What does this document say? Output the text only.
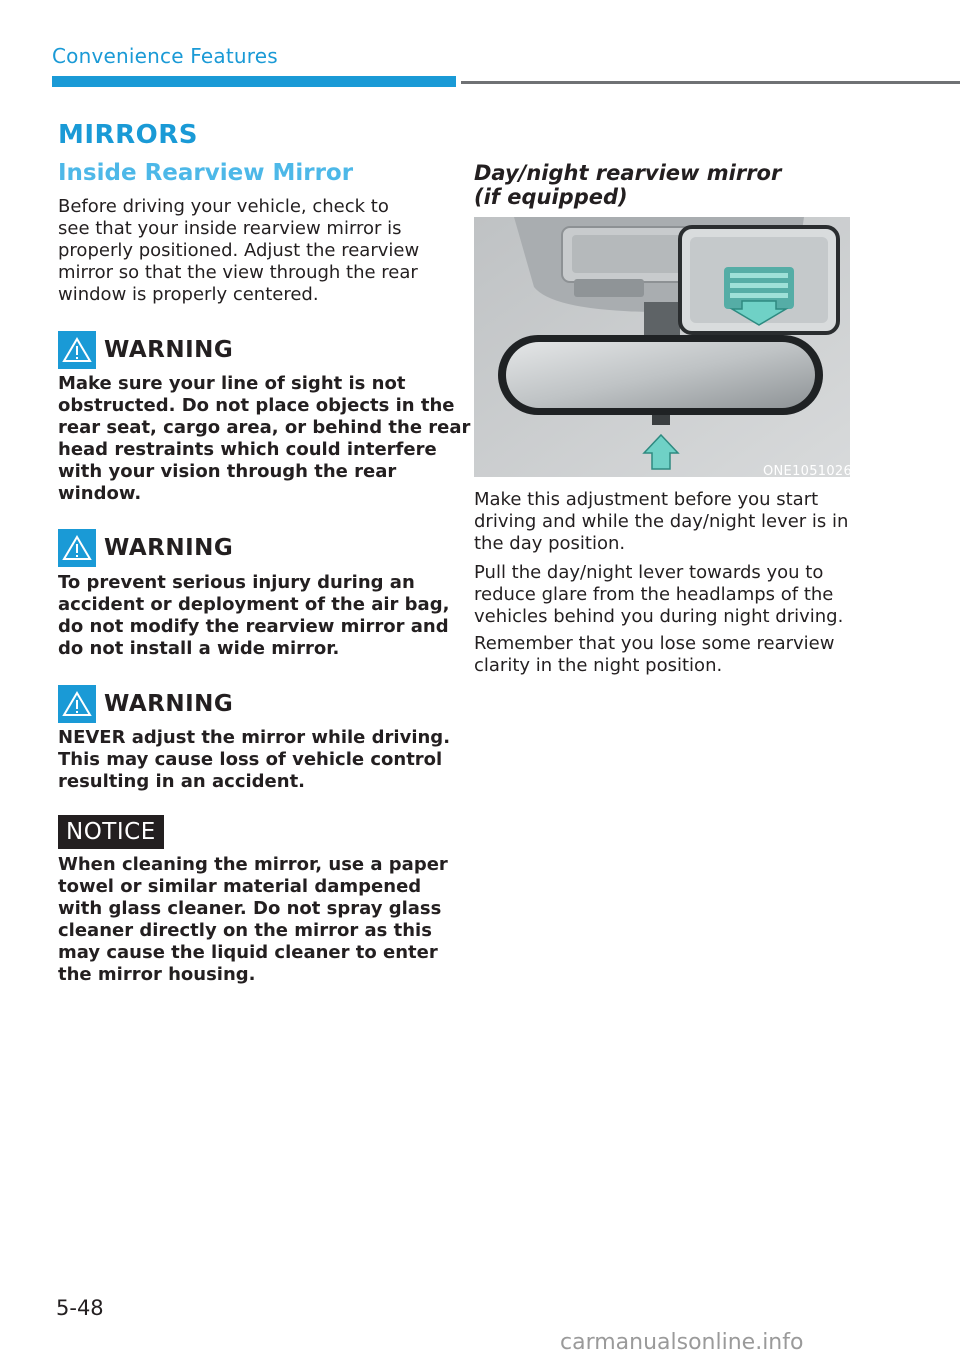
Convenience Features
MIRRORS
Inside Rearview Mirror
Before driving your vehicle, check to
see that your inside rearview mirror is
properly positioned. Adjust the rearview
mirror so that the view through the rear
window is properly centered.
WARNING
Make sure your line of sight is not
obstructed. Do not place objects in the
rear seat, cargo area, or behind the rear
head restraints which could interfere
with your vision through the rear
window.
WARNING
To prevent serious injury during an
accident or deployment of the air bag,
do not modify the rearview mirror and
do not install a wide mirror.
WARNING
NEVER adjust the mirror while driving.
This may cause loss of vehicle control
resulting in an accident.
NOTICE
When cleaning the mirror, use a paper
towel or similar material dampened
with glass cleaner. Do not spray glass
cleaner directly on the mirror as this
may cause the liquid cleaner to enter
the mirror housing.
Day/night rearview mirror
(if equipped)
ONE1051026
Make this adjustment before you start
driving and while the day/night lever is in
the day position.
Pull the day/night lever towards you to
reduce glare from the headlamps of the
vehicles behind you during night driving.
Remember that you lose some rearview
clarity in the night position.
5-48
carmanualsonline.info
